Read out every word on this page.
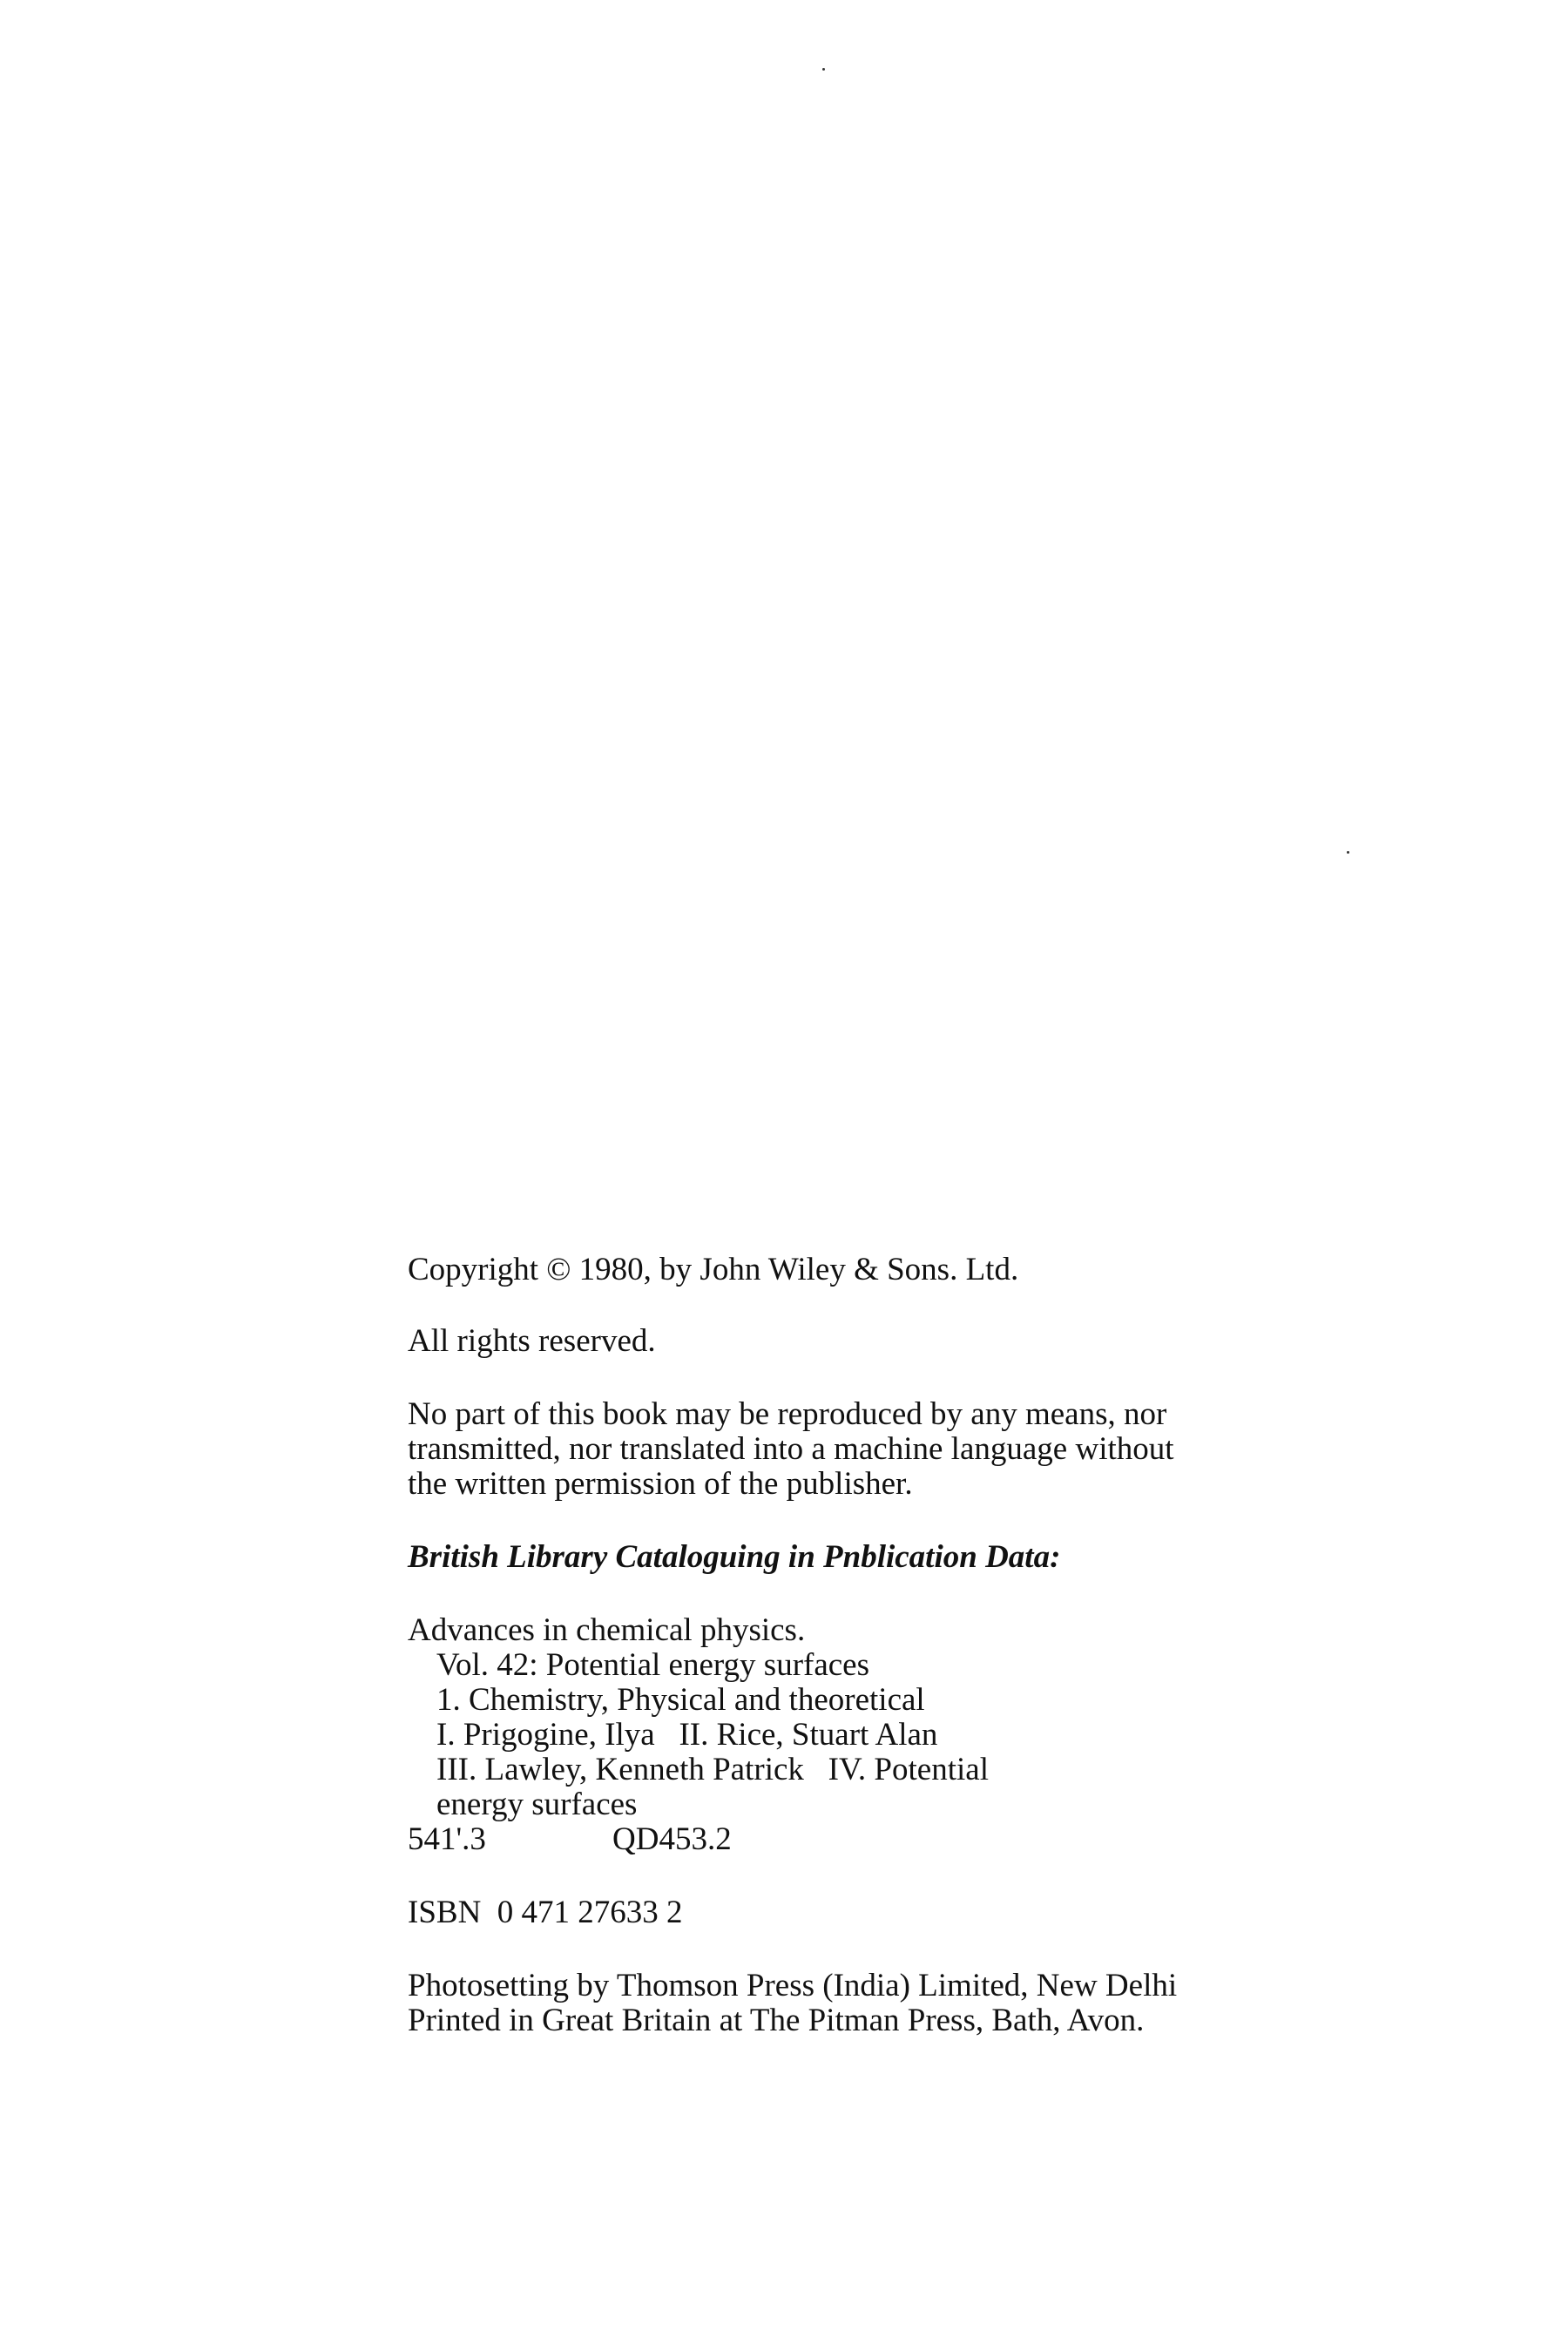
Copyright © 1980, by John Wiley & Sons. Ltd.

All rights reserved.

No part of this book may be reproduced by any means, nor

transmitted, nor translated into a machine language without

the written permission of the publisher.

British Library Cataloguing in Pnblication Data:

Advances in chemical physics.

Vol. 42: Potential energy surfaces

1. Chemistry, Physical and theoretical

I. Prigogine, Ilya   II. Rice, Stuart Alan

III. Lawley, Kenneth Patrick   IV. Potential

energy surfaces

541'.3	QD453.2

ISBN  0 471 27633 2

Photosetting by Thomson Press (India) Limited, New Delhi

Printed in Great Britain at The Pitman Press, Bath, Avon.
